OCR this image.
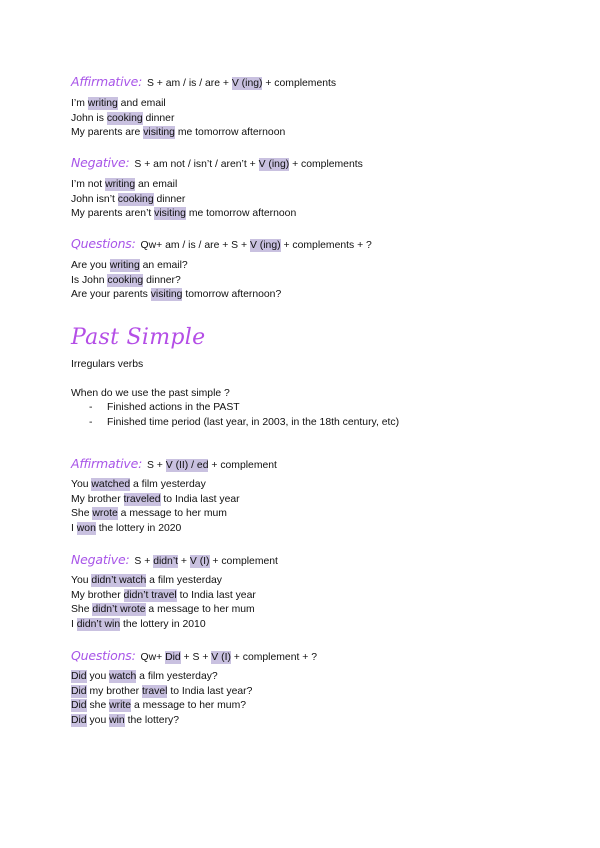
Affirmative: S + am / is / are + V (ing) + complements
I’m writing and email
John is cooking dinner
My parents are visiting me tomorrow afternoon
Negative: S + am not / isn’t / aren’t + V (ing) + complements
I’m not writing an email
John isn’t cooking dinner
My parents aren’t visiting me tomorrow afternoon
Questions: Qw+ am / is / are + S + V (ing) + complements + ?
Are you writing an email?
Is John cooking dinner?
Are your parents visiting tomorrow afternoon?
Past Simple
Irregulars verbs
When do we use the past simple ?
- Finished actions in the PAST
- Finished time period (last year, in 2003, in the 18th century, etc)
Affirmative: S + V (II) / ed + complement
You watched a film yesterday
My brother traveled to India last year
She wrote a message to her mum
I won the lottery in 2020
Negative: S + didn’t + V (I) + complement
You didn’t watch a film yesterday
My brother didn’t travel to India last year
She didn’t wrote a message to her mum
I didn’t win the lottery in 2010
Questions: Qw+ Did + S + V (I) + complement + ?
Did you watch a film yesterday?
Did my brother travel to India last year?
Did she write a message to her mum?
Did you win the lottery?
